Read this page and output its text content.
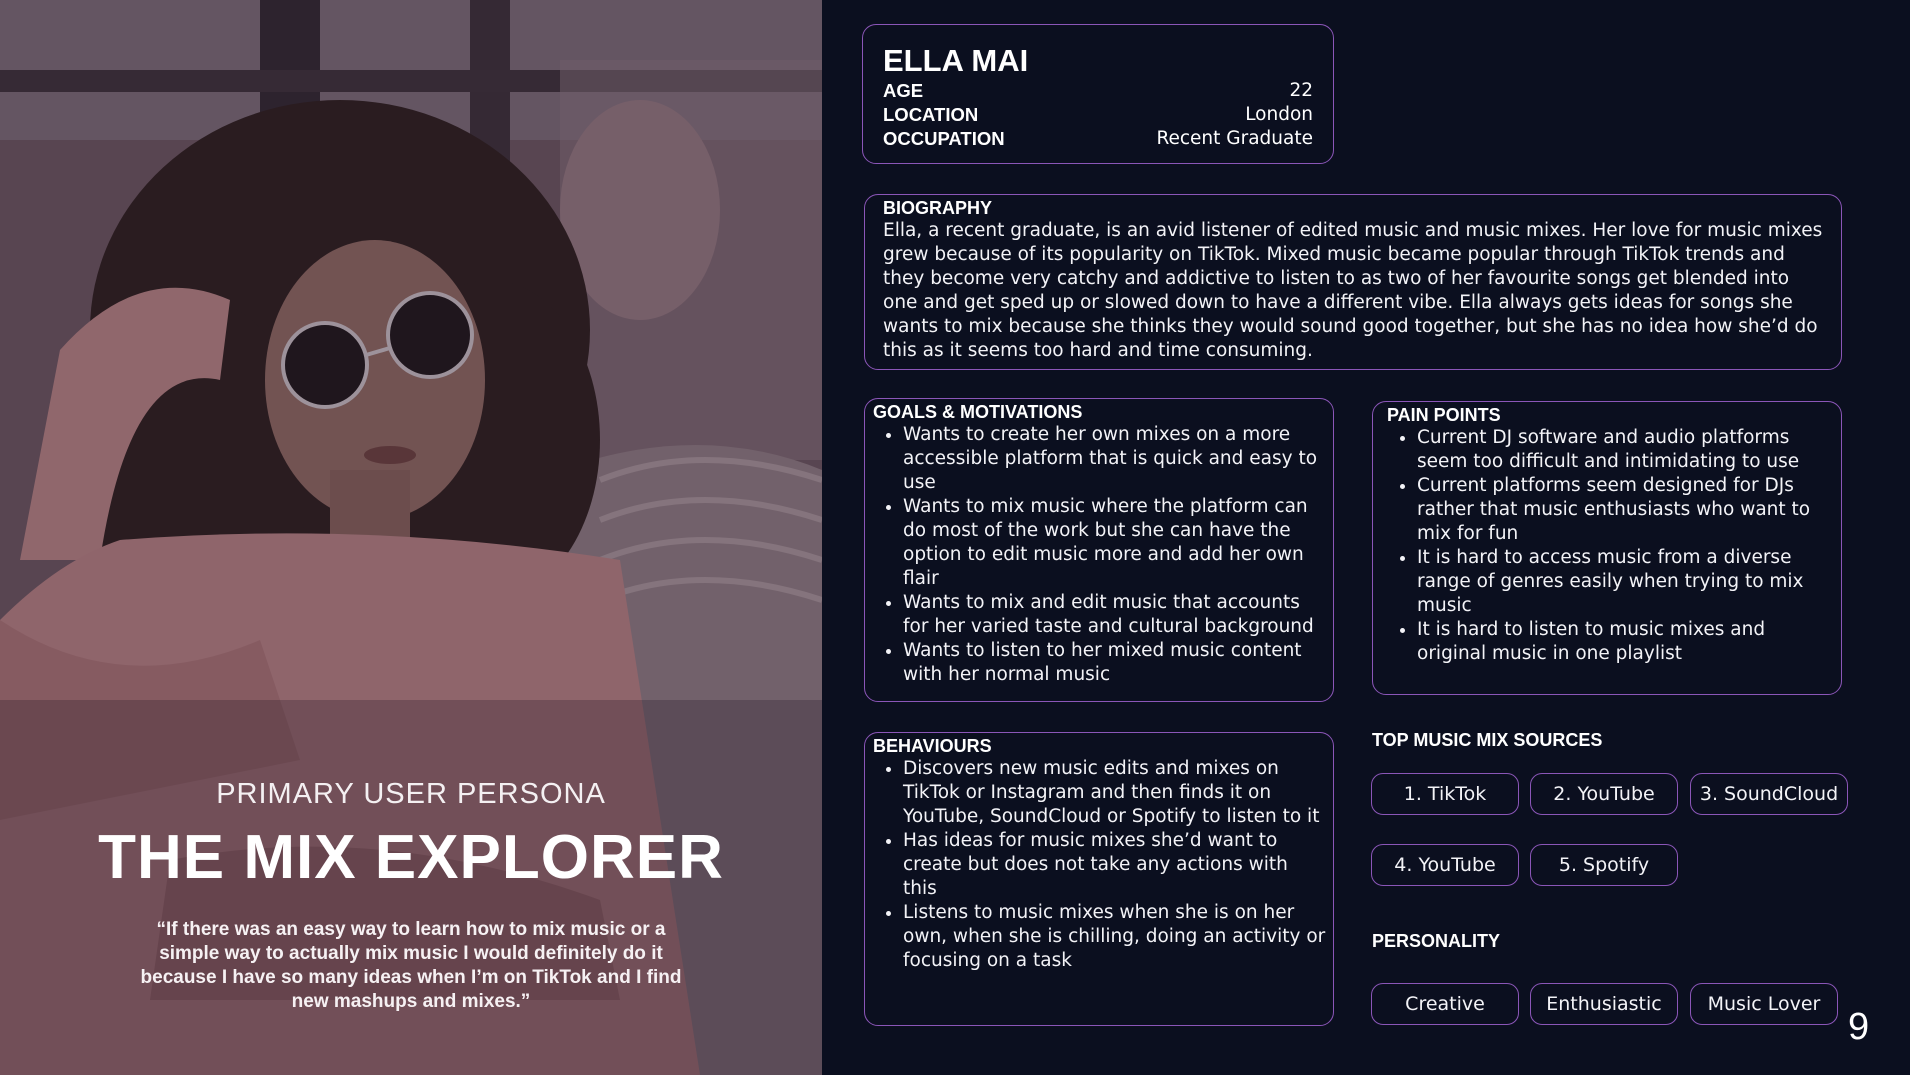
PRIMARY USER PERSONA
THE MIX EXPLORER
“If there was an easy way to learn how to mix music or a simple way to actually mix music I would definitely do it because I have so many ideas when I’m on TikTok and I find new mashups and mixes.”
ELLA MAI
AGE	22
LOCATION	London
OCCUPATION	Recent Graduate
BIOGRAPHY

Ella, a recent graduate, is an avid listener of edited music and music mixes. Her love for music mixes grew because of its popularity on TikTok. Mixed music became popular through TikTok trends and they become very catchy and addictive to listen to as two of her favourite songs get blended into one and get sped up or slowed down to have a different vibe. Ella always gets ideas for songs she wants to mix because she thinks they would sound good together, but she has no idea how she’d do this as it seems too hard and time consuming.

GOALS & MOTIVATIONS
• Wants to create her own mixes on a more accessible platform that is quick and easy to use
• Wants to mix music where the platform can do most of the work but she can have the option to edit music more and add her own flair
• Wants to mix and edit music that accounts for her varied taste and cultural background
• Wants to listen to her mixed music content with her normal music
PAIN POINTS
• Current DJ software and audio platforms seem too difficult and intimidating to use
• Current platforms seem designed for DJs rather that music enthusiasts who want to mix for fun
• It is hard to access music from a diverse range of genres easily when trying to mix music
• It is hard to listen to music mixes and original music in one playlist
BEHAVIOURS
• Discovers new music edits and mixes on TikTok or Instagram and then finds it on YouTube, SoundCloud or Spotify to listen to it
• Has ideas for music mixes she’d want to create but does not take any actions with this
• Listens to music mixes when she is on her own, when she is chilling, doing an activity or focusing on a task
TOP MUSIC MIX SOURCES
1. TikTok	2. YouTube	3. SoundCloud
4. YouTube	5. Spotify
PERSONALITY
Creative	Enthusiastic	Music Lover
9
